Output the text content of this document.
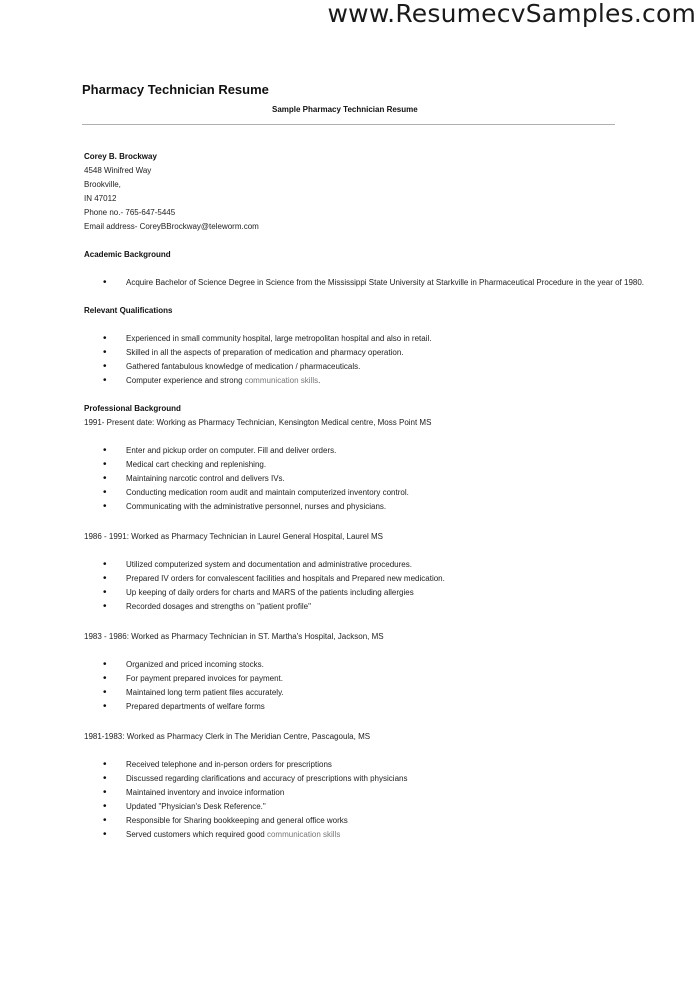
www.ResumecvSamples.com
Pharmacy Technician Resume
Sample Pharmacy Technician Resume
Corey B. Brockway
4548 Winifred Way
Brookville,
IN 47012
Phone no.- 765-647-5445
Email address- CoreyBBrockway@teleworm.com
Academic Background
• Acquire Bachelor of Science Degree in Science from the Mississippi State University at Starkville in Pharmaceutical Procedure in the year of 1980.
Relevant Qualifications
• Experienced in small community hospital, large metropolitan hospital and also in retail.
• Skilled in all the aspects of preparation of medication and pharmacy operation.
• Gathered fantabulous knowledge of medication / pharmaceuticals.
• Computer experience and strong communication skills.
Professional Background
1991- Present date: Working as Pharmacy Technician, Kensington Medical centre, Moss Point MS
• Enter and pickup order on computer. Fill and deliver orders.
• Medical cart checking and replenishing.
• Maintaining narcotic control and delivers IVs.
• Conducting medication room audit and maintain computerized inventory control.
• Communicating with the administrative personnel, nurses and physicians.
1986 - 1991: Worked as Pharmacy Technician in Laurel General Hospital, Laurel MS
• Utilized computerized system and documentation and administrative procedures.
• Prepared IV orders for convalescent facilities and hospitals and Prepared new medication.
• Up keeping of daily orders for charts and MARS of the patients including allergies
• Recorded dosages and strengths on "patient profile"
1983 - 1986: Worked as Pharmacy Technician in ST. Martha's Hospital, Jackson, MS
• Organized and priced incoming stocks.
• For payment prepared invoices for payment.
• Maintained long term patient files accurately.
• Prepared departments of welfare forms
1981-1983: Worked as Pharmacy Clerk in The Meridian Centre, Pascagoula, MS
• Received telephone and in-person orders for prescriptions
• Discussed regarding clarifications and accuracy of prescriptions with physicians
• Maintained inventory and invoice information
• Updated "Physician's Desk Reference."
• Responsible for Sharing bookkeeping and general office works
• Served customers which required good communication skills
